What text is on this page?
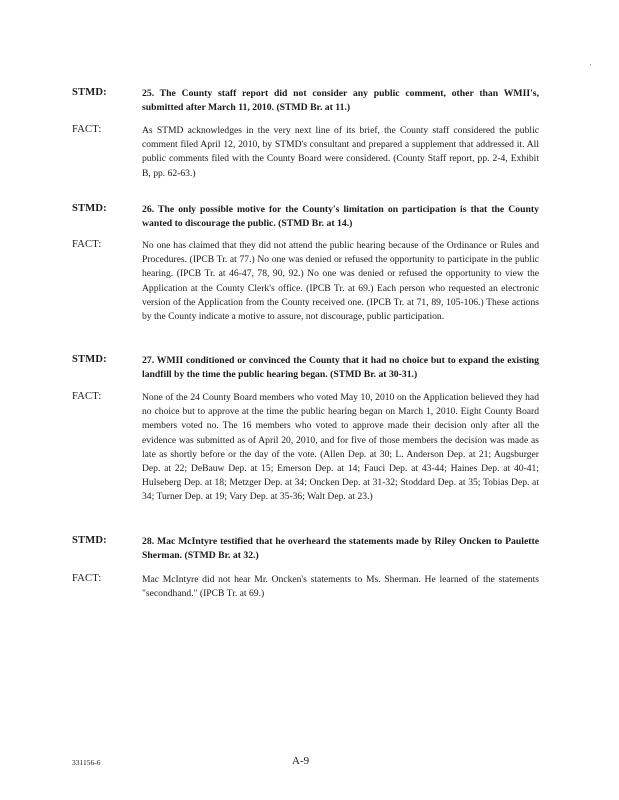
'
STMD:	25. The County staff report did not consider any public comment, other than WMII's, submitted after March 11, 2010. (STMD Br. at 11.)
FACT:	As STMD acknowledges in the very next line of its brief, the County staff considered the public comment filed April 12, 2010, by STMD's consultant and prepared a supplement that addressed it. All public comments filed with the County Board were considered. (County Staff report, pp. 2-4, Exhibit B, pp. 62-63.)
STMD:	26. The only possible motive for the County's limitation on participation is that the County wanted to discourage the public. (STMD Br. at 14.)
FACT:	No one has claimed that they did not attend the public hearing because of the Ordinance or Rules and Procedures. (IPCB Tr. at 77.) No one was denied or refused the opportunity to participate in the public hearing. (IPCB Tr. at 46-47, 78, 90, 92.) No one was denied or refused the opportunity to view the Application at the County Clerk's office. (IPCB Tr. at 69.) Each person who requested an electronic version of the Application from the County received one. (IPCB Tr. at 71, 89, 105-106.) These actions by the County indicate a motive to assure, not discourage, public participation.
STMD:	27. WMII conditioned or convinced the County that it had no choice but to expand the existing landfill by the time the public hearing began. (STMD Br. at 30-31.)
FACT:	None of the 24 County Board members who voted May 10, 2010 on the Application believed they had no choice but to approve at the time the public hearing began on March 1, 2010. Eight County Board members voted no. The 16 members who voted to approve made their decision only after all the evidence was submitted as of April 20, 2010, and for five of those members the decision was made as late as shortly before or the day of the vote. (Allen Dep. at 30; L. Anderson Dep. at 21; Augsburger Dep. at 22; DeBauw Dep. at 15; Emerson Dep. at 14; Fauci Dep. at 43-44; Haines Dep. at 40-41; Hulseberg Dep. at 18; Metzger Dep. at 34; Oncken Dep. at 31-32; Stoddard Dep. at 35; Tobias Dep. at 34; Turner Dep. at 19; Vary Dep. at 35-36; Walt Dep. at 23.)
STMD:	28. Mac McIntyre testified that he overheard the statements made by Riley Oncken to Paulette Sherman. (STMD Br. at 32.)
FACT:	Mac McIntyre did not hear Mr. Oncken's statements to Ms. Sherman. He learned of the statements "secondhand." (IPCB Tr. at 69.)
331156-6	A-9
